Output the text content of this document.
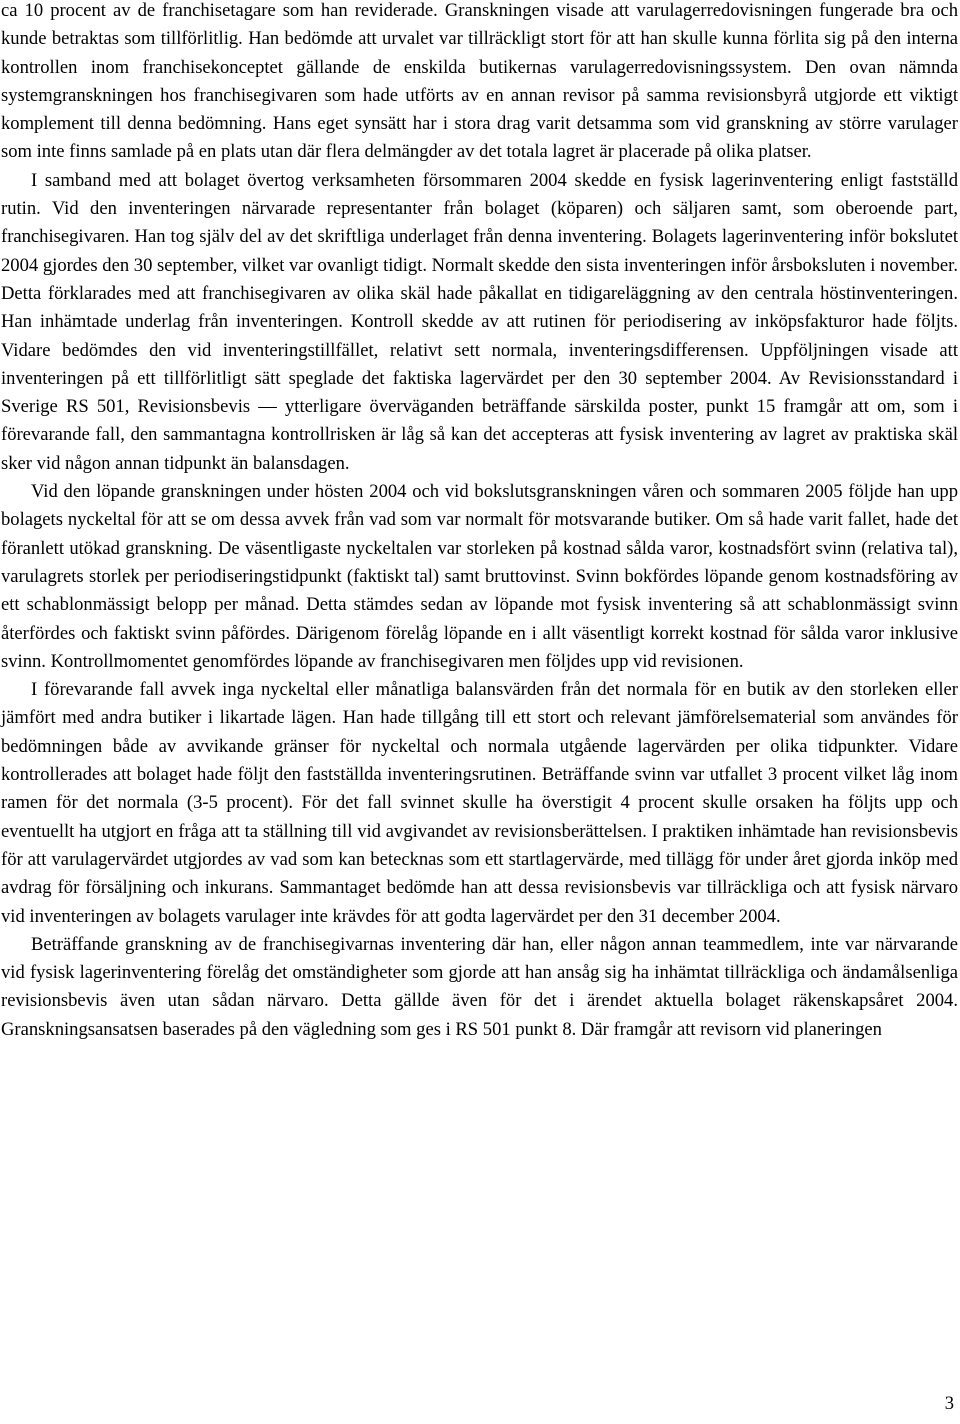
ca 10 procent av de franchisetagare som han reviderade. Granskningen visade att varulagerredovisningen fungerade bra och kunde betraktas som tillförlitlig. Han bedömde att urvalet var tillräckligt stort för att han skulle kunna förlita sig på den interna kontrollen inom franchisekonceptet gällande de enskilda butikernas varulagerredovisningssystem. Den ovan nämnda systemgranskningen hos franchisegivaren som hade utförts av en annan revisor på samma revisionsbyrå utgjorde ett viktigt komplement till denna bedömning. Hans eget synsätt har i stora drag varit detsamma som vid granskning av större varulager som inte finns samlade på en plats utan där flera delmängder av det totala lagret är placerade på olika platser.

I samband med att bolaget övertog verksamheten försommaren 2004 skedde en fysisk lagerinventering enligt fastställd rutin. Vid den inventeringen närvarade representanter från bolaget (köparen) och säljaren samt, som oberoende part, franchisegivaren. Han tog själv del av det skriftliga underlaget från denna inventering. Bolagets lagerinventering inför bokslutet 2004 gjordes den 30 september, vilket var ovanligt tidigt. Normalt skedde den sista inventeringen inför årsboksluten i november. Detta förklarades med att franchisegivaren av olika skäl hade påkallat en tidigareläggning av den centrala höstinventeringen. Han inhämtade underlag från inventeringen. Kontroll skedde av att rutinen för periodisering av inköpsfakturor hade följts. Vidare bedömdes den vid inventeringstillfället, relativt sett normala, inventeringsdifferensen. Uppföljningen visade att inventeringen på ett tillförlitligt sätt speglade det faktiska lagervärdet per den 30 september 2004. Av Revisionsstandard i Sverige RS 501, Revisionsbevis — ytterligare överväganden beträffande särskilda poster, punkt 15 framgår att om, som i förevarande fall, den sammantagna kontrollrisken är låg så kan det accepteras att fysisk inventering av lagret av praktiska skäl sker vid någon annan tidpunkt än balansdagen.

Vid den löpande granskningen under hösten 2004 och vid bokslutsgranskningen våren och sommaren 2005 följde han upp bolagets nyckeltal för att se om dessa avvek från vad som var normalt för motsvarande butiker. Om så hade varit fallet, hade det föranlett utökad granskning. De väsentligaste nyckeltalen var storleken på kostnad sålda varor, kostnadsfört svinn (relativa tal), varulagrets storlek per periodiseringstidpunkt (faktiskt tal) samt bruttovinst. Svinn bokfördes löpande genom kostnadsföring av ett schablonmässigt belopp per månad. Detta stämdes sedan av löpande mot fysisk inventering så att schablonmässigt svinn återfördes och faktiskt svinn påfördes. Därigenom förelåg löpande en i allt väsentligt korrekt kostnad för sålda varor inklusive svinn. Kontrollmomentet genomfördes löpande av franchisegivaren men följdes upp vid revisionen.

I förevarande fall avvek inga nyckeltal eller månatliga balansvärden från det normala för en butik av den storleken eller jämfört med andra butiker i likartade lägen. Han hade tillgång till ett stort och relevant jämförelsematerial som användes för bedömningen både av avvikande gränser för nyckeltal och normala utgående lagervärden per olika tidpunkter. Vidare kontrollerades att bolaget hade följt den fastställda inventeringsrutinen. Beträffande svinn var utfallet 3 procent vilket låg inom ramen för det normala (3-5 procent). För det fall svinnet skulle ha överstigit 4 procent skulle orsaken ha följts upp och eventuellt ha utgjort en fråga att ta ställning till vid avgivandet av revisionsberättelsen. I praktiken inhämtade han revisionsbevis för att varulagervärdet utgjordes av vad som kan betecknas som ett startlagervärde, med tillägg för under året gjorda inköp med avdrag för försäljning och inkurans. Sammantaget bedömde han att dessa revisionsbevis var tillräckliga och att fysisk närvaro vid inventeringen av bolagets varulager inte krävdes för att godta lagervärdet per den 31 december 2004.

Beträffande granskning av de franchisegivarnas inventering där han, eller någon annan teammedlem, inte var närvarande vid fysisk lagerinventering förelåg det omständigheter som gjorde att han ansåg sig ha inhämtat tillräckliga och ändamålsenliga revisionsbevis även utan sådan närvaro. Detta gällde även för det i ärendet aktuella bolaget räkenskapsåret 2004. Granskningsansatsen baserades på den vägledning som ges i RS 501 punkt 8. Där framgår att revisorn vid planeringen

3
